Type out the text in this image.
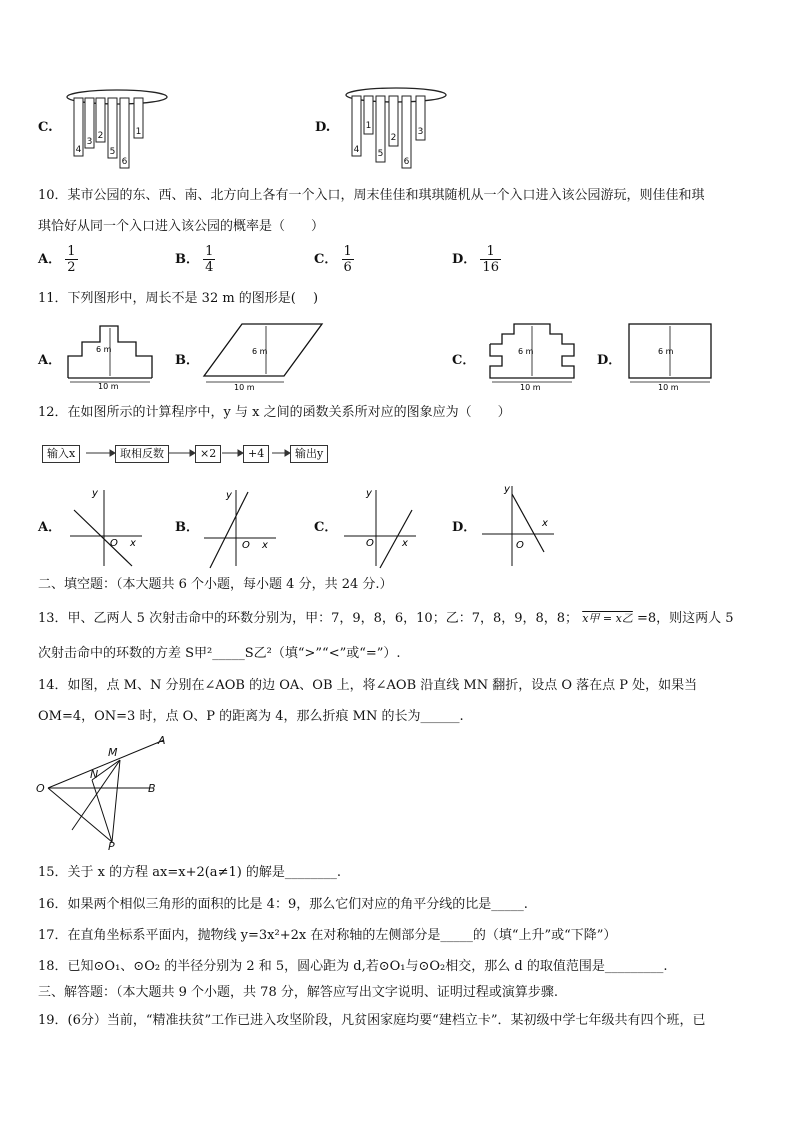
C.
4
3
2
5
6
1	D.
4
1
5
2
6
3
10．某市公园的东、西、南、北方向上各有一个入口，周末佳佳和琪琪随机从一个入口进入该公园游玩，则佳佳和琪
琪恰好从同一个入口进入该公园的概率是（　　）
A． $\frac{1}{2}$	B． $\frac{1}{4}$	C． $\frac{1}{6}$	D． $\frac{1}{16}$
11．下列图形中，周长不是 32 m 的图形是(　 )
A．
6 m
10 m
B．
6 m
10 m
C．
6 m
10 m
D．
6 m
10 m
12．在如图所示的计算程序中，y 与 x 之间的函数关系所对应的图象应为（　　）
输入x	取相反数	×2	+4	输出y
A．
y
x
O
B．
y
x
O
C．
y
x
O
D．
y
x
O
二、填空题：（本大题共 6 个小题，每小题 4 分，共 24 分.）
13．甲、乙两人 5 次射击命中的环数分别为，甲：7，9，8，6，10；乙：7，8，9，8，8； x甲 = x乙 =8，则这两人 5
次射击命中的环数的方差 S甲²_____S乙²（填“>”“<”或“=”）.
14．如图，点 M、N 分别在∠AOB 的边 OA、OB 上，将∠AOB 沿直线 MN 翻折，设点 O 落在点 P 处，如果当
OM=4，ON=3 时，点 O、P 的距离为 4，那么折痕 MN 的长为______.
O
M
N
A
B
P
15．关于 x 的方程 ax=x+2(a≠1) 的解是________.
16．如果两个相似三角形的面积的比是 4：9，那么它们对应的角平分线的比是_____.
17．在直角坐标系平面内，抛物线 y=3x²+2x 在对称轴的左侧部分是_____的（填“上升”或“下降”）
18．已知⊙O₁、⊙O₂ 的半径分别为 2 和 5，圆心距为 d,若⊙O₁与⊙O₂相交，那么 d 的取值范围是_________.
三、解答题：（本大题共 9 个小题，共 78 分，解答应写出文字说明、证明过程或演算步骤.
19．(6分）当前，“精准扶贫”工作已进入攻坚阶段，凡贫困家庭均要“建档立卡”．某初级中学七年级共有四个班，已
